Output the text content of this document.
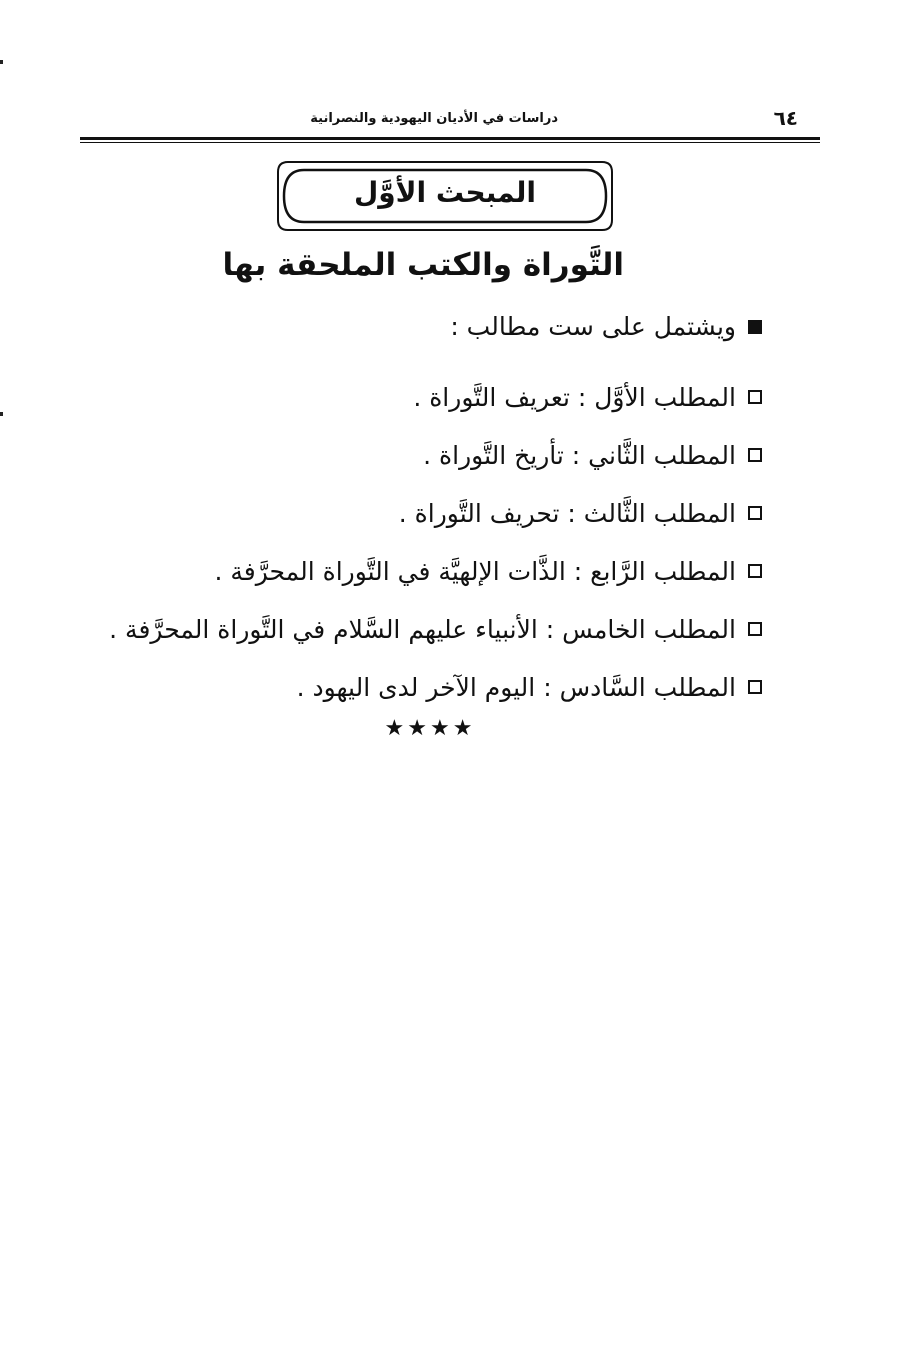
٦٤
دراسات في الأديان اليهودية والنصرانية
المبحث الأوَّل
التَّوراة والكتب الملحقة بها
ويشتمل على ست مطالب :
المطلب الأوَّل : تعريف التَّوراة .
المطلب الثَّاني : تأريخ التَّوراة .
المطلب الثَّالث : تحريف التَّوراة .
المطلب الرَّابع : الذَّات الإلهيَّة في التَّوراة المحرَّفة .
المطلب الخامس : الأنبياء عليهم السَّلام في التَّوراة المحرَّفة .
المطلب السَّادس : اليوم الآخر لدى اليهود .
★★★★
